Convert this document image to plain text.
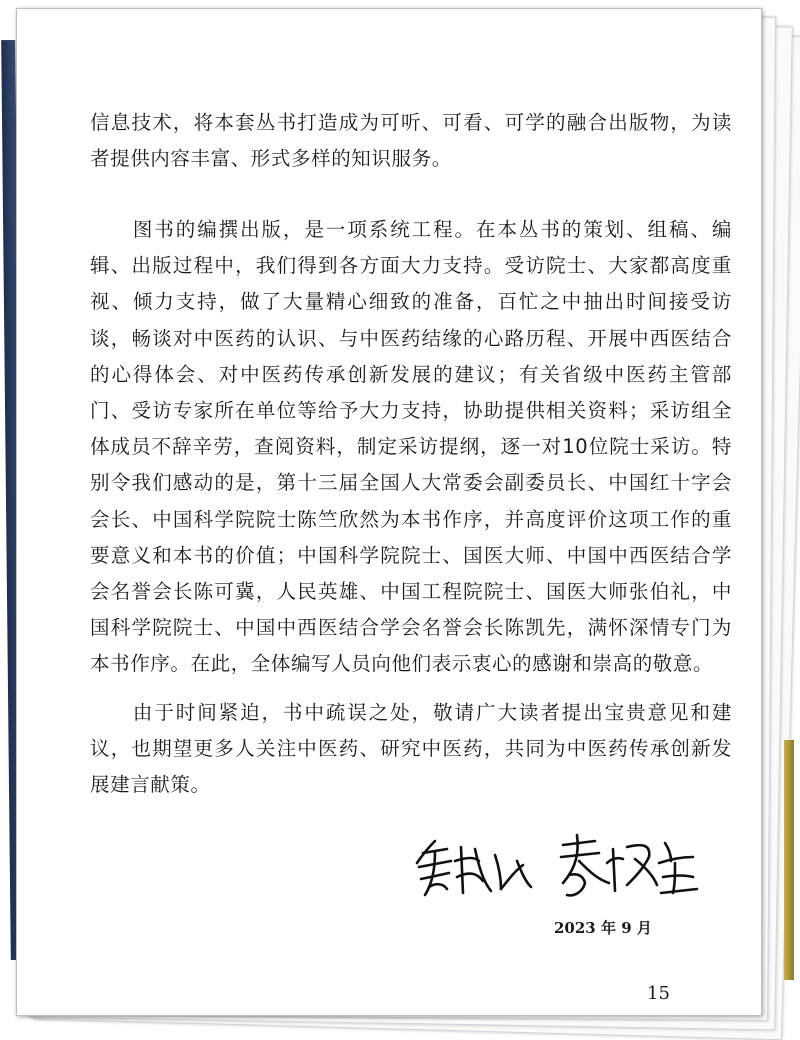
信息技术，将本套丛书打造成为可听、可看、可学的融合出版物，为读者提供内容丰富、形式多样的知识服务。

　　图书的编撰出版，是一项系统工程。在本丛书的策划、组稿、编辑、出版过程中，我们得到各方面大力支持。受访院士、大家都高度重视、倾力支持，做了大量精心细致的准备，百忙之中抽出时间接受访谈，畅谈对中医药的认识、与中医药结缘的心路历程、开展中西医结合的心得体会、对中医药传承创新发展的建议；有关省级中医药主管部门、受访专家所在单位等给予大力支持，协助提供相关资料；采访组全体成员不辞辛劳，查阅资料，制定采访提纲，逐一对10位院士采访。特别令我们感动的是，第十三届全国人大常委会副委员长、中国红十字会会长、中国科学院院士陈竺欣然为本书作序，并高度评价这项工作的重要意义和本书的价值；中国科学院院士、国医大师、中国中西医结合学会名誉会长陈可冀，人民英雄、中国工程院院士、国医大师张伯礼，中国科学院院士、中国中西医结合学会名誉会长陈凯先，满怀深情专门为本书作序。在此，全体编写人员向他们表示衷心的感谢和崇高的敬意。

　　由于时间紧迫，书中疏误之处，敬请广大读者提出宝贵意见和建议，也期望更多人关注中医药、研究中医药，共同为中医药传承创新发展建言献策。

2023 年 9 月
15
